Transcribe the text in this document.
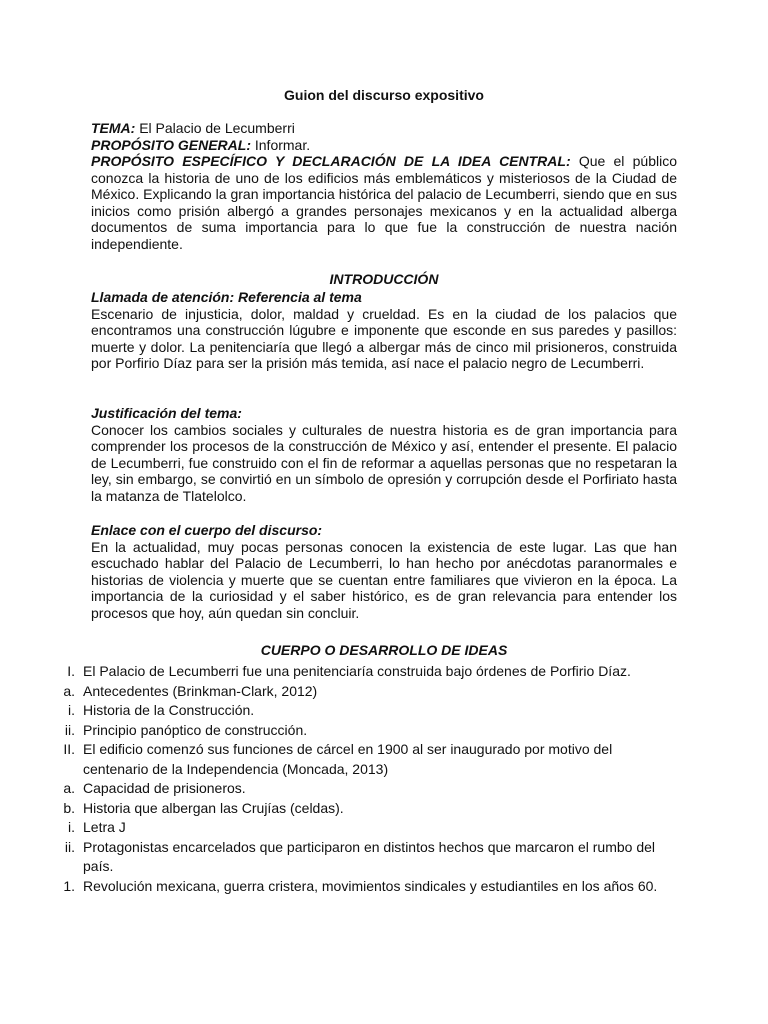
Guion del discurso expositivo
TEMA: El Palacio de Lecumberri
PROPÓSITO GENERAL: Informar.
PROPÓSITO ESPECÍFICO Y DECLARACIÓN DE LA IDEA CENTRAL: Que el público conozca la historia de uno de los edificios más emblemáticos y misteriosos de la Ciudad de México. Explicando la gran importancia histórica del palacio de Lecumberri, siendo que en sus inicios como prisión albergó a grandes personajes mexicanos y en la actualidad alberga documentos de suma importancia para lo que fue la construcción de nuestra nación independiente.
INTRODUCCIÓN
Llamada de atención: Referencia al tema
Escenario de injusticia, dolor, maldad y crueldad. Es en la ciudad de los palacios que encontramos una construcción lúgubre e imponente que esconde en sus paredes y pasillos: muerte y dolor. La penitenciaría que llegó a albergar más de cinco mil prisioneros, construida por Porfirio Díaz para ser la prisión más temida, así nace el palacio negro de Lecumberri.
Justificación del tema:
Conocer los cambios sociales y culturales de nuestra historia es de gran importancia para comprender los procesos de la construcción de México y así, entender el presente. El palacio de Lecumberri, fue construido con el fin de reformar a aquellas personas que no respetaran la ley, sin embargo, se convirtió en un símbolo de opresión y corrupción desde el Porfiriato hasta la matanza de Tlatelolco.
Enlace con el cuerpo del discurso:
En la actualidad, muy pocas personas conocen la existencia de este lugar. Las que han escuchado hablar del Palacio de Lecumberri, lo han hecho por anécdotas paranormales e historias de violencia y muerte que se cuentan entre familiares que vivieron en la época. La importancia de la curiosidad y el saber histórico, es de gran relevancia para entender los procesos que hoy, aún quedan sin concluir.
CUERPO O DESARROLLO DE IDEAS
I. El Palacio de Lecumberri fue una penitenciaría construida bajo órdenes de Porfirio Díaz.
a. Antecedentes (Brinkman-Clark, 2012)
i. Historia de la Construcción.
ii. Principio panóptico de construcción.
II. El edificio comenzó sus funciones de cárcel en 1900 al ser inaugurado por motivo del centenario de la Independencia (Moncada, 2013)
a. Capacidad de prisioneros.
b. Historia que albergan las Crujías (celdas).
i. Letra J
ii. Protagonistas encarcelados que participaron en distintos hechos que marcaron el rumbo del país.
1. Revolución mexicana, guerra cristera, movimientos sindicales y estudiantiles en los años 60.
